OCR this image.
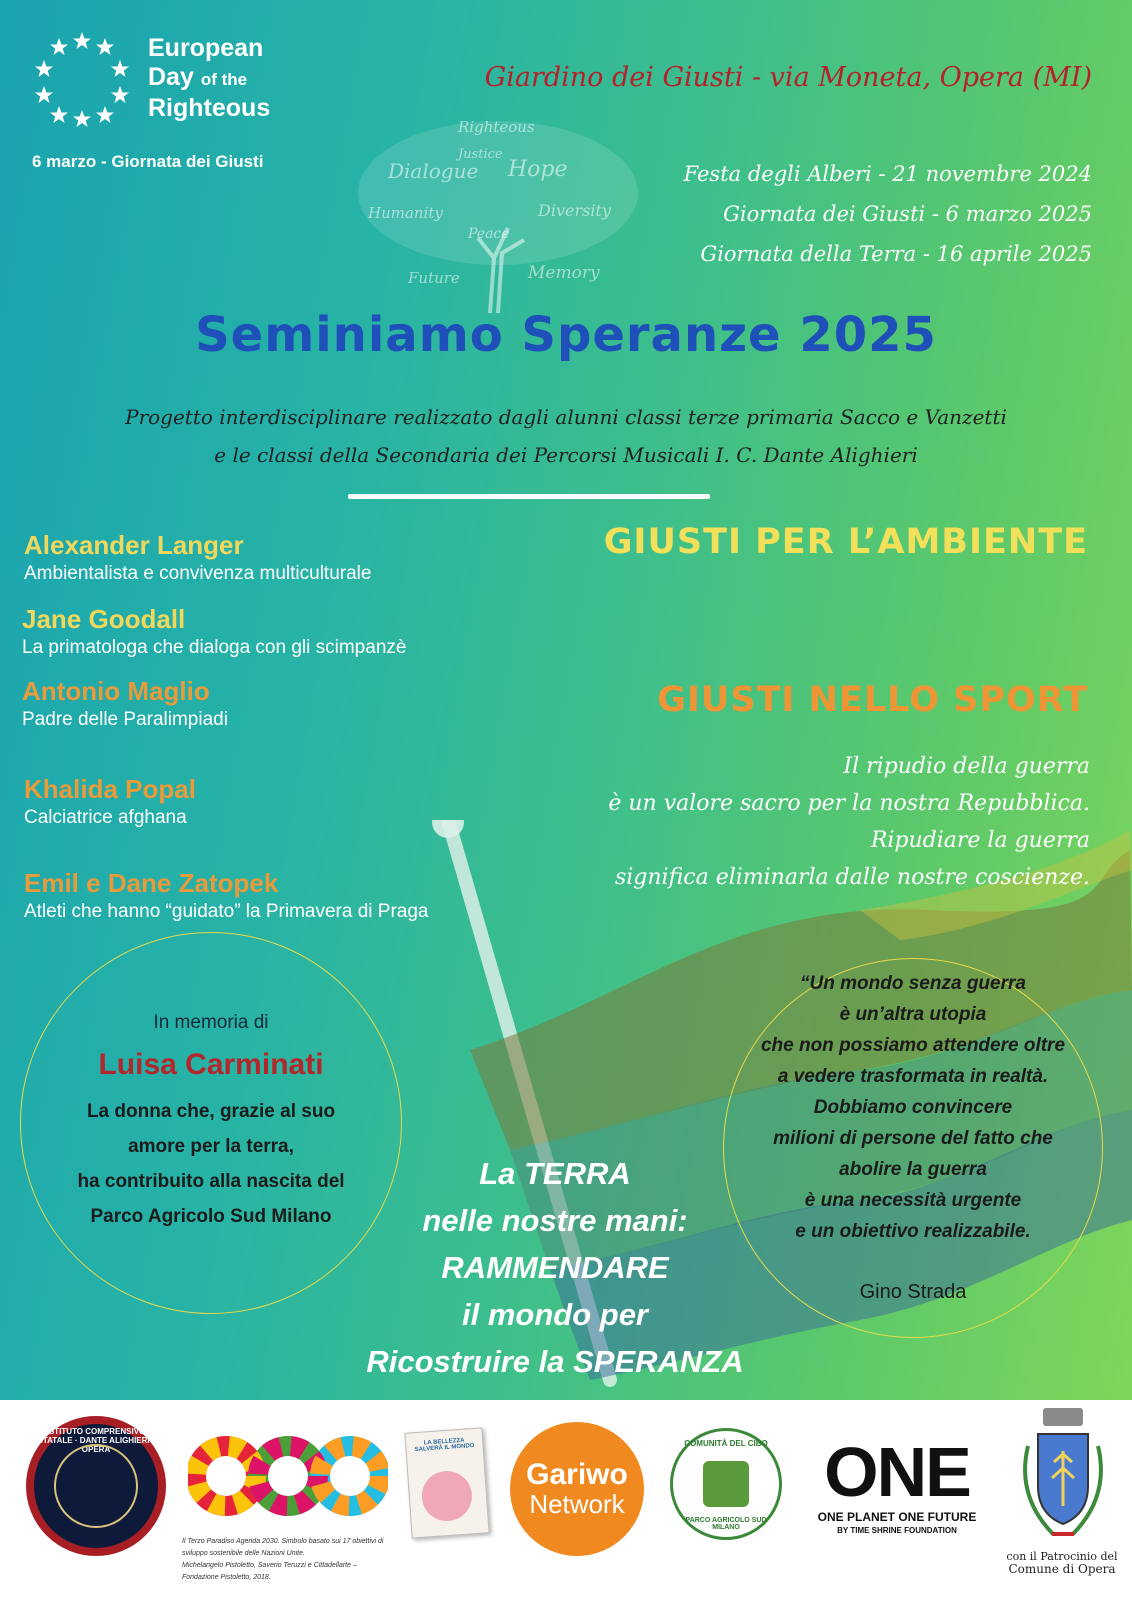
European
Day of the
Righteous
6 marzo - Giornata dei Giusti
Giardino dei Giusti - via Moneta, Opera (MI)
Righteous
Dialogue Hope
Humanity	Diversity
Future	Memory
Peace
Justice
Festa degli Alberi - 21 novembre 2024
Giornata dei Giusti - 6 marzo 2025
Giornata della Terra - 16 aprile 2025
Seminiamo Speranze 2025
Progetto interdisciplinare realizzato dagli alunni classi terze primaria Sacco e Vanzetti
e le classi della Secondaria dei Percorsi Musicali I. C. Dante Alighieri
Alexander Langer
Ambientalista e convivenza multiculturale
Jane Goodall
La primatologa che dialoga con gli scimpanzè
Antonio Maglio
Padre delle Paralimpiadi
Khalida Popal
Calciatrice afghana
Emil e Dane Zatopek
Atleti che hanno “guidato” la Primavera di Praga
GIUSTI PER L’AMBIENTE
GIUSTI NELLO SPORT
Il ripudio della guerra
è un valore sacro per la nostra Repubblica.
Ripudiare la guerra
significa eliminarla dalle nostre coscienze.
In memoria di
Luisa Carminati
La donna che, grazie al suo
amore per la terra,
ha contribuito alla nascita del
Parco Agricolo Sud Milano
La TERRA
nelle nostre mani:
RAMMENDARE
il mondo per
Ricostruire la SPERANZA
“Un mondo senza guerra
è un’altra utopia
che non possiamo attendere oltre
a vedere trasformata in realtà.
Dobbiamo convincere
milioni di persone del fatto che
abolire la guerra
è una necessità urgente
e un obiettivo realizzabile.
Gino Strada
ISTITUTO COMPRENSIVO STATALE · DANTE ALIGHIERI · OPERA
Il Terzo Paradiso Agenda 2030. Simbolo basato sui 17 obiettivi di
sviluppo sostenibile delle Nazioni Unite.
Michelangelo Pistoletto, Saverio Teruzzi e Cittadellarte –
Fondazione Pistoletto, 2018.
LA BELLEZZA SALVERÀ IL MONDO
Gariwo
Network
COMUNITÀ DEL CIBO
PARCO AGRICOLO SUD MILANO
ONE
ONE PLANET ONE FUTURE
BY TIME SHRINE FOUNDATION
con il Patrocinio del
Comune di Opera
